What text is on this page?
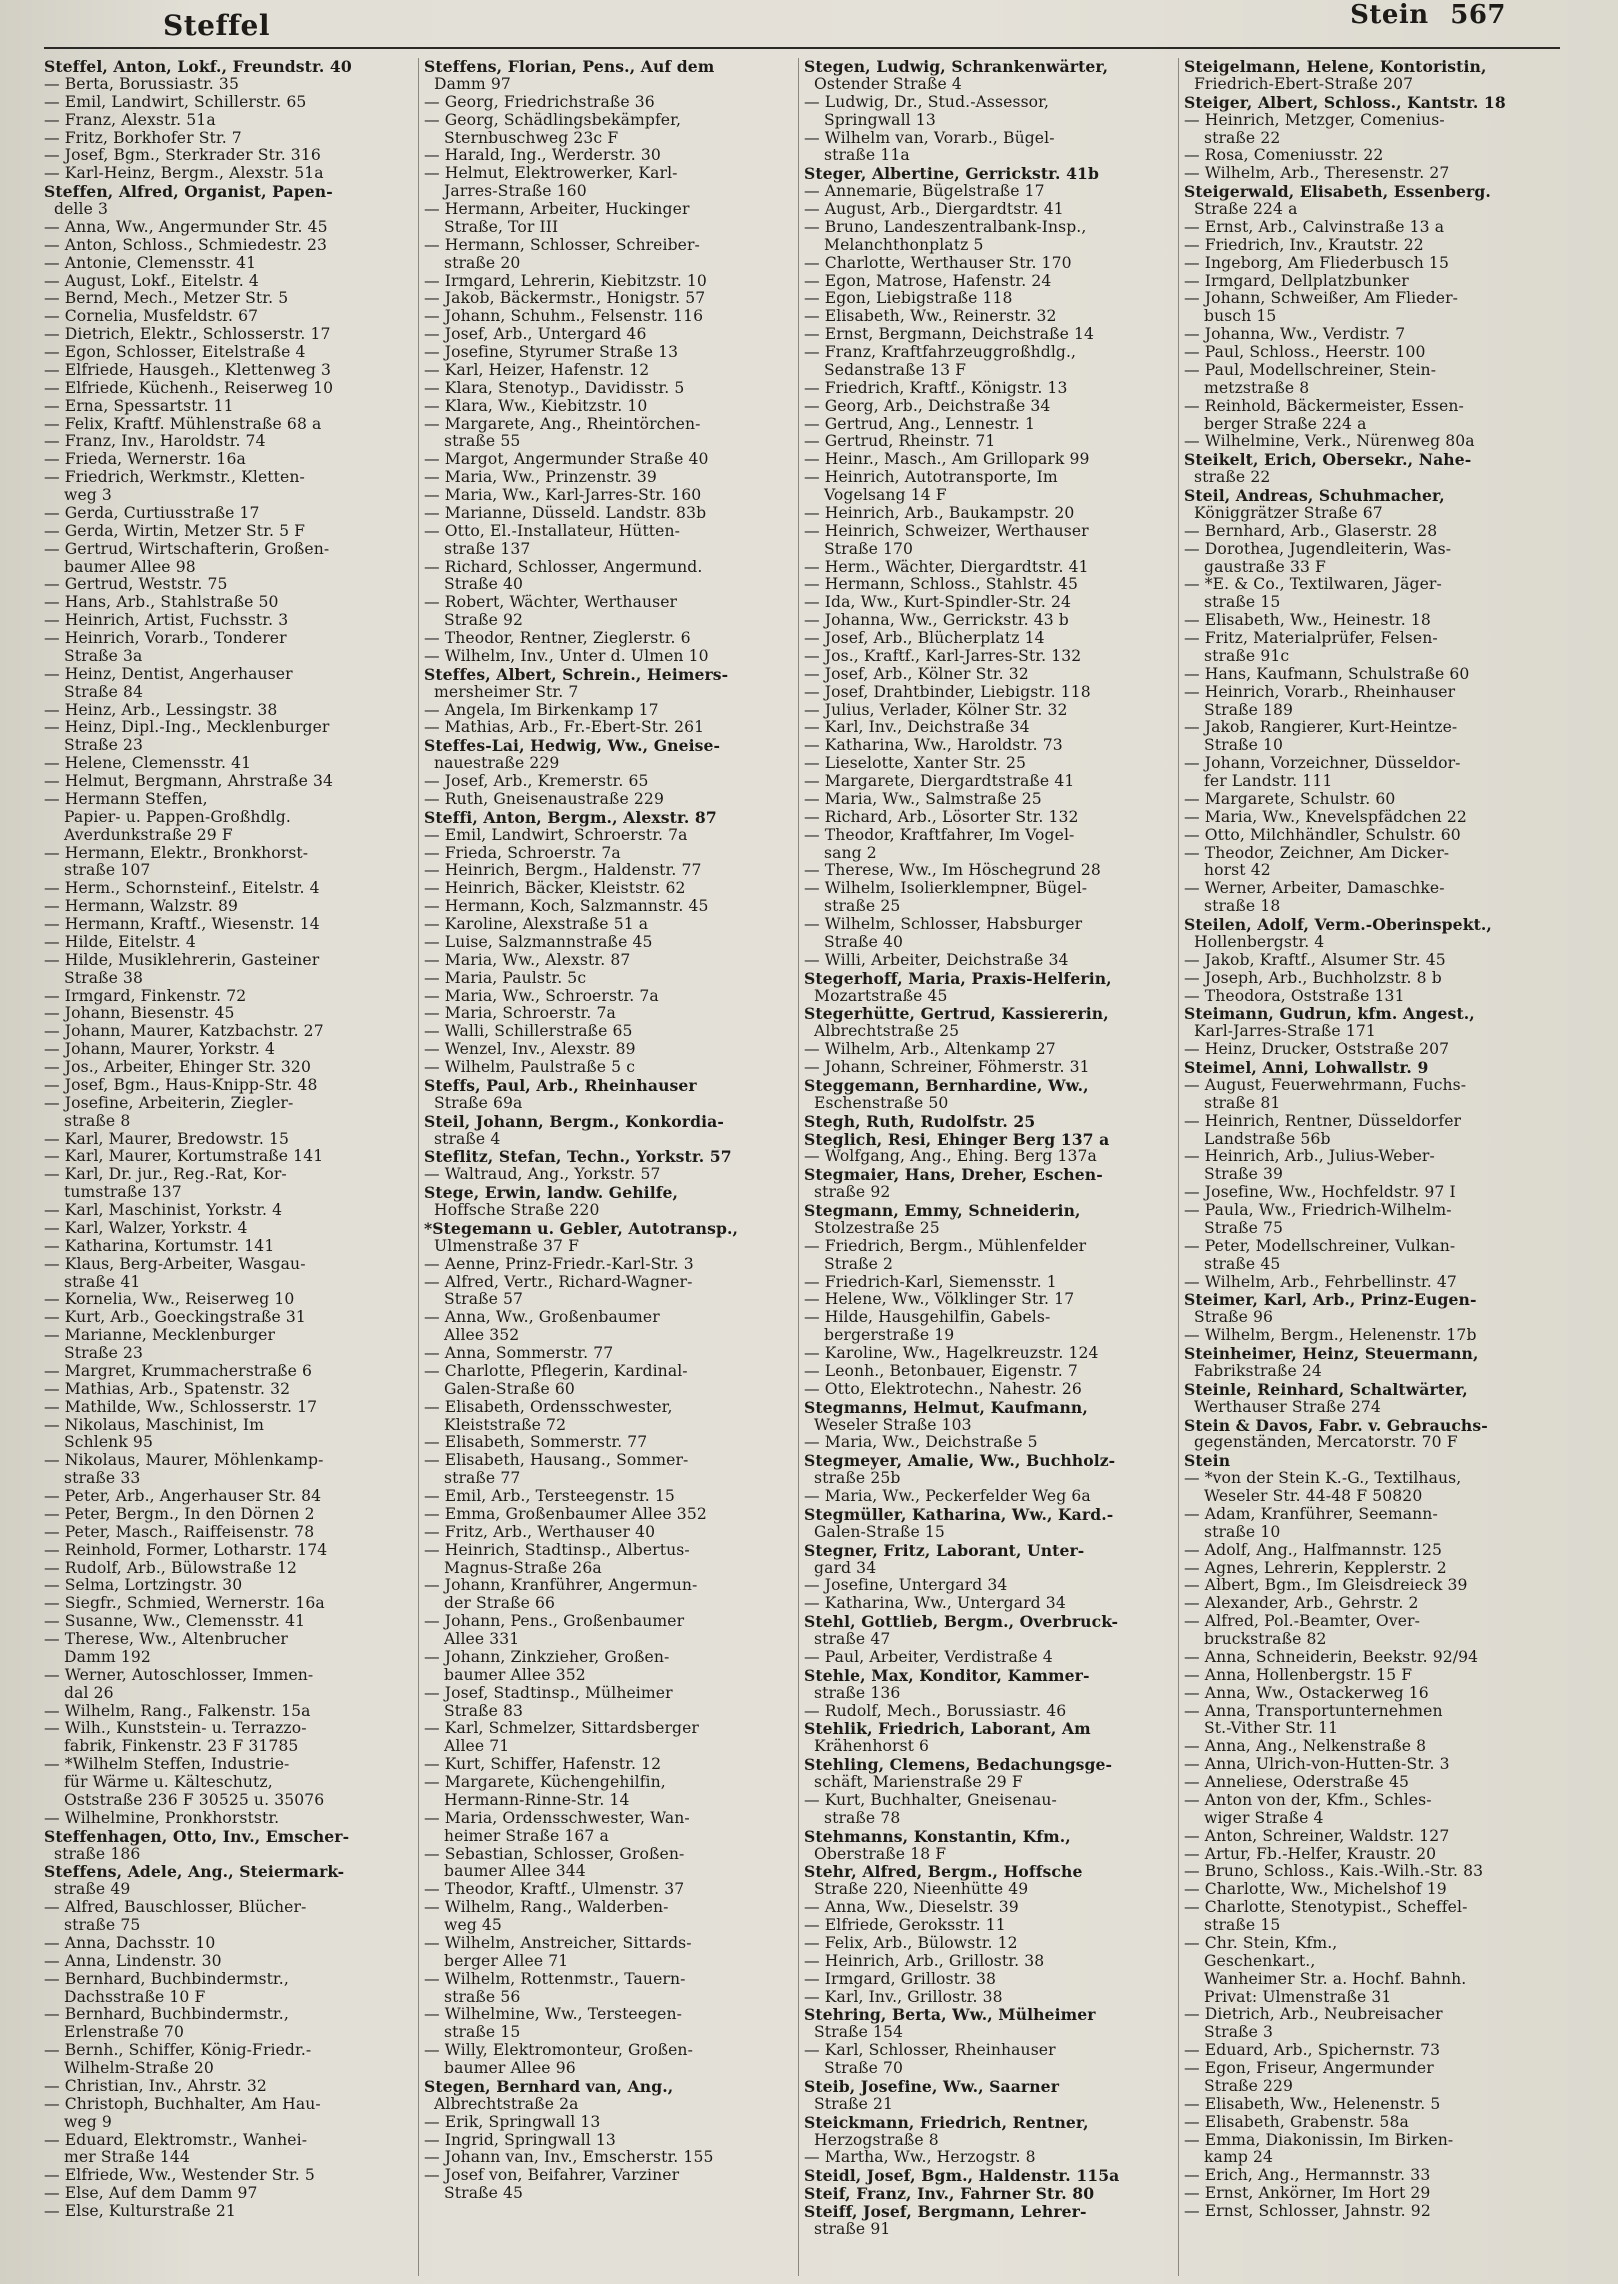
Steffel	Stein 567
Steffel, Anton, Lokf., Freundstr. 40
— Berta, Borussiastr. 35
— Emil, Landwirt, Schillerstr. 65
— Franz, Alexstr. 51a
— Fritz, Borkhofer Str. 7
— Josef, Bgm., Sterkrader Str. 316
— Karl-Heinz, Bergm., Alexstr. 51a
Steffen, Alfred, Organist, Papen-
delle 3
— Anna, Ww., Angermunder Str. 45
— Anton, Schloss., Schmiedestr. 23
— Antonie, Clemensstr. 41
— August, Lokf., Eitelstr. 4
— Bernd, Mech., Metzer Str. 5
— Cornelia, Musfeldstr. 67
— Dietrich, Elektr., Schlosserstr. 17
— Egon, Schlosser, Eitelstraße 4
— Elfriede, Hausgeh., Klettenweg 3
— Elfriede, Küchenh., Reiserweg 10
— Erna, Spessartstr. 11
— Felix, Kraftf. Mühlenstraße 68 a
— Franz, Inv., Haroldstr. 74
— Frieda, Wernerstr. 16a
— Friedrich, Werkmstr., Kletten-
weg 3
— Gerda, Curtiusstraße 17
— Gerda, Wirtin, Metzer Str. 5 F
— Gertrud, Wirtschafterin, Großen-
baumer Allee 98
— Gertrud, Weststr. 75
— Hans, Arb., Stahlstraße 50
— Heinrich, Artist, Fuchsstr. 3
— Heinrich, Vorarb., Tonderer
Straße 3a
— Heinz, Dentist, Angerhauser
Straße 84
— Heinz, Arb., Lessingstr. 38
— Heinz, Dipl.-Ing., Mecklenburger
Straße 23
— Helene, Clemensstr. 41
— Helmut, Bergmann, Ahrstraße 34
— Hermann Steffen,
Papier- u. Pappen-Großhdlg.
Averdunkstraße 29 F
— Hermann, Elektr., Bronkhorst-
straße 107
— Herm., Schornsteinf., Eitelstr. 4
— Hermann, Walzstr. 89
— Hermann, Kraftf., Wiesenstr. 14
— Hilde, Eitelstr. 4
— Hilde, Musiklehrerin, Gasteiner
Straße 38
— Irmgard, Finkenstr. 72
— Johann, Biesenstr. 45
— Johann, Maurer, Katzbachstr. 27
— Johann, Maurer, Yorkstr. 4
— Jos., Arbeiter, Ehinger Str. 320
— Josef, Bgm., Haus-Knipp-Str. 48
— Josefine, Arbeiterin, Ziegler-
straße 8
— Karl, Maurer, Bredowstr. 15
— Karl, Maurer, Kortumstraße 141
— Karl, Dr. jur., Reg.-Rat, Kor-
tumstraße 137
— Karl, Maschinist, Yorkstr. 4
— Karl, Walzer, Yorkstr. 4
— Katharina, Kortumstr. 141
— Klaus, Berg-Arbeiter, Wasgau-
straße 41
— Kornelia, Ww., Reiserweg 10
— Kurt, Arb., Goeckingstraße 31
— Marianne, Mecklenburger
Straße 23
— Margret, Krummacherstraße 6
— Mathias, Arb., Spatenstr. 32
— Mathilde, Ww., Schlosserstr. 17
— Nikolaus, Maschinist, Im
Schlenk 95
— Nikolaus, Maurer, Möhlenkamp-
straße 33
— Peter, Arb., Angerhauser Str. 84
— Peter, Bergm., In den Dörnen 2
— Peter, Masch., Raiffeisenstr. 78
— Reinhold, Former, Lotharstr. 174
— Rudolf, Arb., Bülowstraße 12
— Selma, Lortzingstr. 30
— Siegfr., Schmied, Wernerstr. 16a
— Susanne, Ww., Clemensstr. 41
— Therese, Ww., Altenbrucher
Damm 192
— Werner, Autoschlosser, Immen-
dal 26
— Wilhelm, Rang., Falkenstr. 15a
— Wilh., Kunststein- u. Terrazzo-
fabrik, Finkenstr. 23 F 31785
— *Wilhelm Steffen, Industrie-
für Wärme u. Kälteschutz,
Oststraße 236 F 30525 u. 35076
— Wilhelmine, Pronkhorststr.
Steffenhagen, Otto, Inv., Emscher-
straße 186
Steffens, Adele, Ang., Steiermark-
straße 49
— Alfred, Bauschlosser, Blücher-
straße 75
— Anna, Dachsstr. 10
— Anna, Lindenstr. 30
— Bernhard, Buchbindermstr.,
Dachsstraße 10 F
— Bernhard, Buchbindermstr.,
Erlenstraße 70
— Bernh., Schiffer, König-Friedr.-
Wilhelm-Straße 20
— Christian, Inv., Ahrstr. 32
— Christoph, Buchhalter, Am Hau-
weg 9
— Eduard, Elektromstr., Wanhei-
mer Straße 144
— Elfriede, Ww., Westender Str. 5
— Else, Auf dem Damm 97
— Else, Kulturstraße 21
Steffens, Florian, Pens., Auf dem
Damm 97
— Georg, Friedrichstraße 36
— Georg, Schädlingsbekämpfer,
Sternbuschweg 23c F
— Harald, Ing., Werderstr. 30
— Helmut, Elektrowerker, Karl-
Jarres-Straße 160
— Hermann, Arbeiter, Huckinger
Straße, Tor III
— Hermann, Schlosser, Schreiber-
straße 20
— Irmgard, Lehrerin, Kiebitzstr. 10
— Jakob, Bäckermstr., Honigstr. 57
— Johann, Schuhm., Felsenstr. 116
— Josef, Arb., Untergard 46
— Josefine, Styrumer Straße 13
— Karl, Heizer, Hafenstr. 12
— Klara, Stenotyp., Davidisstr. 5
— Klara, Ww., Kiebitzstr. 10
— Margarete, Ang., Rheintörchen-
straße 55
— Margot, Angermunder Straße 40
— Maria, Ww., Prinzenstr. 39
— Maria, Ww., Karl-Jarres-Str. 160
— Marianne, Düsseld. Landstr. 83b
— Otto, El.-Installateur, Hütten-
straße 137
— Richard, Schlosser, Angermund.
Straße 40
— Robert, Wächter, Werthauser
Straße 92
— Theodor, Rentner, Zieglerstr. 6
— Wilhelm, Inv., Unter d. Ulmen 10
Steffes, Albert, Schrein., Heimers-
mersheimer Str. 7
— Angela, Im Birkenkamp 17
— Mathias, Arb., Fr.-Ebert-Str. 261
Steffes-Lai, Hedwig, Ww., Gneise-
nauestraße 229
— Josef, Arb., Kremerstr. 65
— Ruth, Gneisenaustraße 229
Steffi, Anton, Bergm., Alexstr. 87
— Emil, Landwirt, Schroerstr. 7a
— Frieda, Schroerstr. 7a
— Heinrich, Bergm., Haldenstr. 77
— Heinrich, Bäcker, Kleiststr. 62
— Hermann, Koch, Salzmannstr. 45
— Karoline, Alexstraße 51 a
— Luise, Salzmannstraße 45
— Maria, Ww., Alexstr. 87
— Maria, Paulstr. 5c
— Maria, Ww., Schroerstr. 7a
— Maria, Schroerstr. 7a
— Walli, Schillerstraße 65
— Wenzel, Inv., Alexstr. 89
— Wilhelm, Paulstraße 5 c
Steffs, Paul, Arb., Rheinhauser
Straße 69a
Steil, Johann, Bergm., Konkordia-
straße 4
Steflitz, Stefan, Techn., Yorkstr. 57
— Waltraud, Ang., Yorkstr. 57
Stege, Erwin, landw. Gehilfe,
Hoffsche Straße 220
*Stegemann u. Gebler, Autotransp.,
Ulmenstraße 37 F
— Aenne, Prinz-Friedr.-Karl-Str. 3
— Alfred, Vertr., Richard-Wagner-
Straße 57
— Anna, Ww., Großenbaumer
Allee 352
— Anna, Sommerstr. 77
— Charlotte, Pflegerin, Kardinal-
Galen-Straße 60
— Elisabeth, Ordensschwester,
Kleiststraße 72
— Elisabeth, Sommerstr. 77
— Elisabeth, Hausang., Sommer-
straße 77
— Emil, Arb., Tersteegenstr. 15
— Emma, Großenbaumer Allee 352
— Fritz, Arb., Werthauser 40
— Heinrich, Stadtinsp., Albertus-
Magnus-Straße 26a
— Johann, Kranführer, Angermun-
der Straße 66
— Johann, Pens., Großenbaumer
Allee 331
— Johann, Zinkzieher, Großen-
baumer Allee 352
— Josef, Stadtinsp., Mülheimer
Straße 83
— Karl, Schmelzer, Sittardsberger
Allee 71
— Kurt, Schiffer, Hafenstr. 12
— Margarete, Küchengehilfin,
Hermann-Rinne-Str. 14
— Maria, Ordensschwester, Wan-
heimer Straße 167 a
— Sebastian, Schlosser, Großen-
baumer Allee 344
— Theodor, Kraftf., Ulmenstr. 37
— Wilhelm, Rang., Walderben-
weg 45
— Wilhelm, Anstreicher, Sittards-
berger Allee 71
— Wilhelm, Rottenmstr., Tauern-
straße 56
— Wilhelmine, Ww., Tersteegen-
straße 15
— Willy, Elektromonteur, Großen-
baumer Allee 96
Stegen, Bernhard van, Ang.,
Albrechtstraße 2a
— Erik, Springwall 13
— Ingrid, Springwall 13
— Johann van, Inv., Emscherstr. 155
— Josef von, Beifahrer, Varziner
Straße 45
Stegen, Ludwig, Schrankenwärter,
Ostender Straße 4
— Ludwig, Dr., Stud.-Assessor,
Springwall 13
— Wilhelm van, Vorarb., Bügel-
straße 11a
Steger, Albertine, Gerrickstr. 41b
— Annemarie, Bügelstraße 17
— August, Arb., Diergardtstr. 41
— Bruno, Landeszentralbank-Insp.,
Melanchthonplatz 5
— Charlotte, Werthauser Str. 170
— Egon, Matrose, Hafenstr. 24
— Egon, Liebigstraße 118
— Elisabeth, Ww., Reinerstr. 32
— Ernst, Bergmann, Deichstraße 14
— Franz, Kraftfahrzeuggroßhdlg.,
Sedanstraße 13 F
— Friedrich, Kraftf., Königstr. 13
— Georg, Arb., Deichstraße 34
— Gertrud, Ang., Lennestr. 1
— Gertrud, Rheinstr. 71
— Heinr., Masch., Am Grillopark 99
— Heinrich, Autotransporte, Im
Vogelsang 14 F
— Heinrich, Arb., Baukampstr. 20
— Heinrich, Schweizer, Werthauser
Straße 170
— Herm., Wächter, Diergardtstr. 41
— Hermann, Schloss., Stahlstr. 45
— Ida, Ww., Kurt-Spindler-Str. 24
— Johanna, Ww., Gerrickstr. 43 b
— Josef, Arb., Blücherplatz 14
— Jos., Kraftf., Karl-Jarres-Str. 132
— Josef, Arb., Kölner Str. 32
— Josef, Drahtbinder, Liebigstr. 118
— Julius, Verlader, Kölner Str. 32
— Karl, Inv., Deichstraße 34
— Katharina, Ww., Haroldstr. 73
— Lieselotte, Xanter Str. 25
— Margarete, Diergardtstraße 41
— Maria, Ww., Salmstraße 25
— Richard, Arb., Lösorter Str. 132
— Theodor, Kraftfahrer, Im Vogel-
sang 2
— Therese, Ww., Im Höschegrund 28
— Wilhelm, Isolierklempner, Bügel-
straße 25
— Wilhelm, Schlosser, Habsburger
Straße 40
— Willi, Arbeiter, Deichstraße 34
Stegerhoff, Maria, Praxis-Helferin,
Mozartstraße 45
Stegerhütte, Gertrud, Kassiererin,
Albrechtstraße 25
— Wilhelm, Arb., Altenkamp 27
— Johann, Schreiner, Föhmerstr. 31
Steggemann, Bernhardine, Ww.,
Eschenstraße 50
Stegh, Ruth, Rudolfstr. 25
Steglich, Resi, Ehinger Berg 137 a
— Wolfgang, Ang., Ehing. Berg 137a
Stegmaier, Hans, Dreher, Eschen-
straße 92
Stegmann, Emmy, Schneiderin,
Stolzestraße 25
— Friedrich, Bergm., Mühlenfelder
Straße 2
— Friedrich-Karl, Siemensstr. 1
— Helene, Ww., Völklinger Str. 17
— Hilde, Hausgehilfin, Gabels-
bergerstraße 19
— Karoline, Ww., Hagelkreuzstr. 124
— Leonh., Betonbauer, Eigenstr. 7
— Otto, Elektrotechn., Nahestr. 26
Stegmanns, Helmut, Kaufmann,
Weseler Straße 103
— Maria, Ww., Deichstraße 5
Stegmeyer, Amalie, Ww., Buchholz-
straße 25b
— Maria, Ww., Peckerfelder Weg 6a
Stegmüller, Katharina, Ww., Kard.-
Galen-Straße 15
Stegner, Fritz, Laborant, Unter-
gard 34
— Josefine, Untergard 34
— Katharina, Ww., Untergard 34
Stehl, Gottlieb, Bergm., Overbruck-
straße 47
— Paul, Arbeiter, Verdistraße 4
Stehle, Max, Konditor, Kammer-
straße 136
— Rudolf, Mech., Borussiastr. 46
Stehlik, Friedrich, Laborant, Am
Krähenhorst 6
Stehling, Clemens, Bedachungsge-
schäft, Marienstraße 29 F
— Kurt, Buchhalter, Gneisenau-
straße 78
Stehmanns, Konstantin, Kfm.,
Oberstraße 18 F
Stehr, Alfred, Bergm., Hoffsche
Straße 220, Nieenhütte 49
— Anna, Ww., Dieselstr. 39
— Elfriede, Geroksstr. 11
— Felix, Arb., Bülowstr. 12
— Heinrich, Arb., Grillostr. 38
— Irmgard, Grillostr. 38
— Karl, Inv., Grillostr. 38
Stehring, Berta, Ww., Mülheimer
Straße 154
— Karl, Schlosser, Rheinhauser
Straße 70
Steib, Josefine, Ww., Saarner
Straße 21
Steickmann, Friedrich, Rentner,
Herzogstraße 8
— Martha, Ww., Herzogstr. 8
Steidl, Josef, Bgm., Haldenstr. 115a
Steif, Franz, Inv., Fahrner Str. 80
Steiff, Josef, Bergmann, Lehrer-
straße 91
Steigelmann, Helene, Kontoristin,
Friedrich-Ebert-Straße 207
Steiger, Albert, Schloss., Kantstr. 18
— Heinrich, Metzger, Comenius-
straße 22
— Rosa, Comeniusstr. 22
— Wilhelm, Arb., Theresenstr. 27
Steigerwald, Elisabeth, Essenberg.
Straße 224 a
— Ernst, Arb., Calvinstraße 13 a
— Friedrich, Inv., Krautstr. 22
— Ingeborg, Am Fliederbusch 15
— Irmgard, Dellplatzbunker
— Johann, Schweißer, Am Flieder-
busch 15
— Johanna, Ww., Verdistr. 7
— Paul, Schloss., Heerstr. 100
— Paul, Modellschreiner, Stein-
metzstraße 8
— Reinhold, Bäckermeister, Essen-
berger Straße 224 a
— Wilhelmine, Verk., Nürenweg 80a
Steikelt, Erich, Obersekr., Nahe-
straße 22
Steil, Andreas, Schuhmacher,
Königgrätzer Straße 67
— Bernhard, Arb., Glaserstr. 28
— Dorothea, Jugendleiterin, Was-
gaustraße 33 F
— *E. & Co., Textilwaren, Jäger-
straße 15
— Elisabeth, Ww., Heinestr. 18
— Fritz, Materialprüfer, Felsen-
straße 91c
— Hans, Kaufmann, Schulstraße 60
— Heinrich, Vorarb., Rheinhauser
Straße 189
— Jakob, Rangierer, Kurt-Heintze-
Straße 10
— Johann, Vorzeichner, Düsseldor-
fer Landstr. 111
— Margarete, Schulstr. 60
— Maria, Ww., Knevelspfädchen 22
— Otto, Milchhändler, Schulstr. 60
— Theodor, Zeichner, Am Dicker-
horst 42
— Werner, Arbeiter, Damaschke-
straße 18
Steilen, Adolf, Verm.-Oberinspekt.,
Hollenbergstr. 4
— Jakob, Kraftf., Alsumer Str. 45
— Joseph, Arb., Buchholzstr. 8 b
— Theodora, Oststraße 131
Steimann, Gudrun, kfm. Angest.,
Karl-Jarres-Straße 171
— Heinz, Drucker, Oststraße 207
Steimel, Anni, Lohwallstr. 9
— August, Feuerwehrmann, Fuchs-
straße 81
— Heinrich, Rentner, Düsseldorfer
Landstraße 56b
— Heinrich, Arb., Julius-Weber-
Straße 39
— Josefine, Ww., Hochfeldstr. 97 I
— Paula, Ww., Friedrich-Wilhelm-
Straße 75
— Peter, Modellschreiner, Vulkan-
straße 45
— Wilhelm, Arb., Fehrbellinstr. 47
Steimer, Karl, Arb., Prinz-Eugen-
Straße 96
— Wilhelm, Bergm., Helenenstr. 17b
Steinheimer, Heinz, Steuermann,
Fabrikstraße 24
Steinle, Reinhard, Schaltwärter,
Werthauser Straße 274
Stein & Davos, Fabr. v. Gebrauchs-
gegenständen, Mercatorstr. 70 F
Stein
— *von der Stein K.-G., Textilhaus,
Weseler Str. 44-48 F 50820
— Adam, Kranführer, Seemann-
straße 10
— Adolf, Ang., Halfmannstr. 125
— Agnes, Lehrerin, Kepplerstr. 2
— Albert, Bgm., Im Gleisdreieck 39
— Alexander, Arb., Gehrstr. 2
— Alfred, Pol.-Beamter, Over-
bruckstraße 82
— Anna, Schneiderin, Beekstr. 92/94
— Anna, Hollenbergstr. 15 F
— Anna, Ww., Ostackerweg 16
— Anna, Transportunternehmen
St.-Vither Str. 11
— Anna, Ang., Nelkenstraße 8
— Anna, Ulrich-von-Hutten-Str. 3
— Anneliese, Oderstraße 45
— Anton von der, Kfm., Schles-
wiger Straße 4
— Anton, Schreiner, Waldstr. 127
— Artur, Fb.-Helfer, Kraustr. 20
— Bruno, Schloss., Kais.-Wilh.-Str. 83
— Charlotte, Ww., Michelshof 19
— Charlotte, Stenotypist., Scheffel-
straße 15
— Chr. Stein, Kfm.,
Geschenkart.,
Wanheimer Str. a. Hochf. Bahnh.
Privat: Ulmenstraße 31
— Dietrich, Arb., Neubreisacher
Straße 3
— Eduard, Arb., Spichernstr. 73
— Egon, Friseur, Angermunder
Straße 229
— Elisabeth, Ww., Helenenstr. 5
— Elisabeth, Grabenstr. 58a
— Emma, Diakonissin, Im Birken-
kamp 24
— Erich, Ang., Hermannstr. 33
— Ernst, Ankörner, Im Hort 29
— Ernst, Schlosser, Jahnstr. 92
